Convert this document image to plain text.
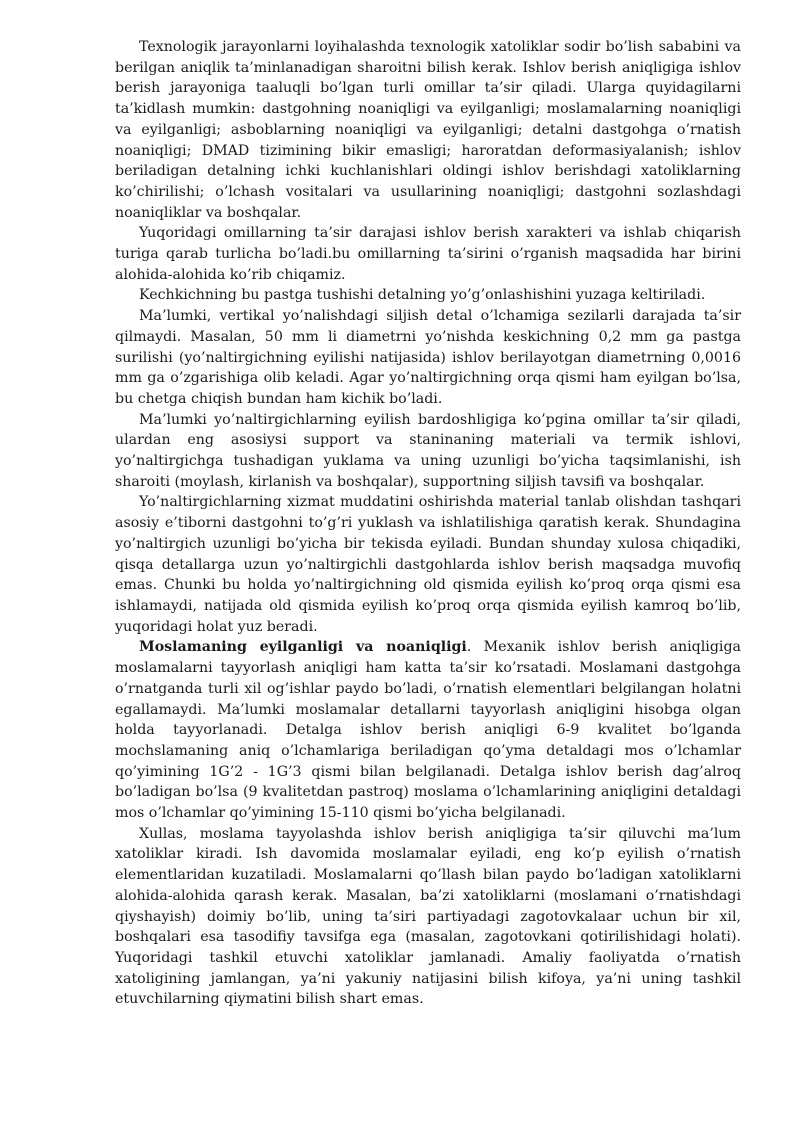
Texnologik jarayonlarni loyihalashda texnologik xatoliklar sodir bo’lish sababini va berilgan aniqlik ta’minlanadigan sharoitni bilish kerak. Ishlov berish aniqligiga ishlov berish jarayoniga taaluqli bo’lgan turli omillar ta’sir qiladi. Ularga quyidagilarni ta’kidlash mumkin: dastgohning noaniqligi va eyilganligi; moslamalarning noaniqligi va eyilganligi; asboblarning noaniqligi va eyilganligi; detalni dastgohga o’rnatish noaniqligi; DMAD tizimining bikir emasligi; haroratdan deformasiyalanish; ishlov beriladigan detalning ichki kuchlanishlari oldingi ishlov berishdagi xatoliklarning ko’chirilishi; o’lchash vositalari va usullarining noaniqligi; dastgohni sozlashdagi noaniqliklar va boshqalar.

Yuqoridagi omillarning ta’sir darajasi ishlov berish xarakteri va ishlab chiqarish turiga qarab turlicha bo’ladi.bu omillarning ta’sirini o’rganish maqsadida har birini alohida-alohida ko’rib chiqamiz.

Kechkichning bu pastga tushishi detalning yo’g’onlashishini yuzaga keltiriladi.

Ma’lumki, vertikal yo’nalishdagi siljish detal o’lchamiga sezilarli darajada ta’sir qilmaydi. Masalan, 50 mm li diametrni yo’nishda keskichning 0,2 mm ga pastga surilishi (yo’naltirgichning eyilishi natijasida) ishlov berilayotgan diametrning 0,0016 mm ga o’zgarishiga olib keladi. Agar yo’naltirgichning orqa qismi ham eyilgan bo’lsa, bu chetga chiqish bundan ham kichik bo’ladi.

Ma’lumki yo’naltirgichlarning eyilish bardoshligiga ko’pgina omillar ta’sir qiladi, ulardan eng asosiysi support va staninaning materiali va termik ishlovi, yo’naltirgichga tushadigan yuklama va uning uzunligi bo’yicha taqsimlanishi, ish sharoiti (moylash, kirlanish va boshqalar), supportning siljish tavsifi va boshqalar.

Yo’naltirgichlarning xizmat muddatini oshirishda material tanlab olishdan tashqari asosiy e’tiborni dastgohni to’g’ri yuklash va ishlatilishiga qaratish kerak. Shundagina yo’naltirgich uzunligi bo’yicha bir tekisda eyiladi. Bundan shunday xulosa chiqadiki, qisqa detallarga uzun yo’naltirgichli dastgohlarda ishlov berish maqsadga muvofiq emas. Chunki bu holda yo’naltirgichning old qismida eyilish ko’proq orqa qismi esa ishlamaydi, natijada old qismida eyilish ko’proq orqa qismida eyilish kamroq bo’lib, yuqoridagi holat yuz beradi.

Moslamaning eyilganligi va noaniqligi. Mexanik ishlov berish aniqligiga moslamalarni tayyorlash aniqligi ham katta ta’sir ko’rsatadi. Moslamani dastgohga o’rnatganda turli xil og’ishlar paydo bo’ladi, o’rnatish elementlari belgilangan holatni egallamaydi. Ma’lumki moslamalar detallarni tayyorlash aniqligini hisobga olgan holda tayyorlanadi. Detalga ishlov berish aniqligi 6-9 kvalitet bo’lganda mochslamaning aniq o’lchamlariga beriladigan qo’yma detaldagi mos o’lchamlar qo’yimining 1G’2 - 1G’3 qismi bilan belgilanadi. Detalga ishlov berish dag’alroq bo’ladigan bo’lsa (9 kvalitetdan pastroq) moslama o’lchamlarining aniqligini detaldagi mos o’lchamlar qo’yimining 15-110 qismi bo’yicha belgilanadi.

Xullas, moslama tayyolashda ishlov berish aniqligiga ta’sir qiluvchi ma’lum xatoliklar kiradi. Ish davomida moslamalar eyiladi, eng ko’p eyilish o’rnatish elementlaridan kuzatiladi. Moslamalarni qo’llash bilan paydo bo’ladigan xatoliklarni alohida-alohida qarash kerak. Masalan, ba’zi xatoliklarni (moslamani o’rnatishdagi qiyshayish) doimiy bo’lib, uning ta’siri partiyadagi zagotovkalaar uchun bir xil, boshqalari esa tasodifiy tavsifga ega (masalan, zagotovkani qotirilishidagi holati). Yuqoridagi tashkil etuvchi xatoliklar jamlanadi. Amaliy faoliyatda o’rnatish xatoligining jamlangan, ya’ni yakuniy natijasini bilish kifoya, ya’ni uning tashkil etuvchilarning qiymatini bilish shart emas.
